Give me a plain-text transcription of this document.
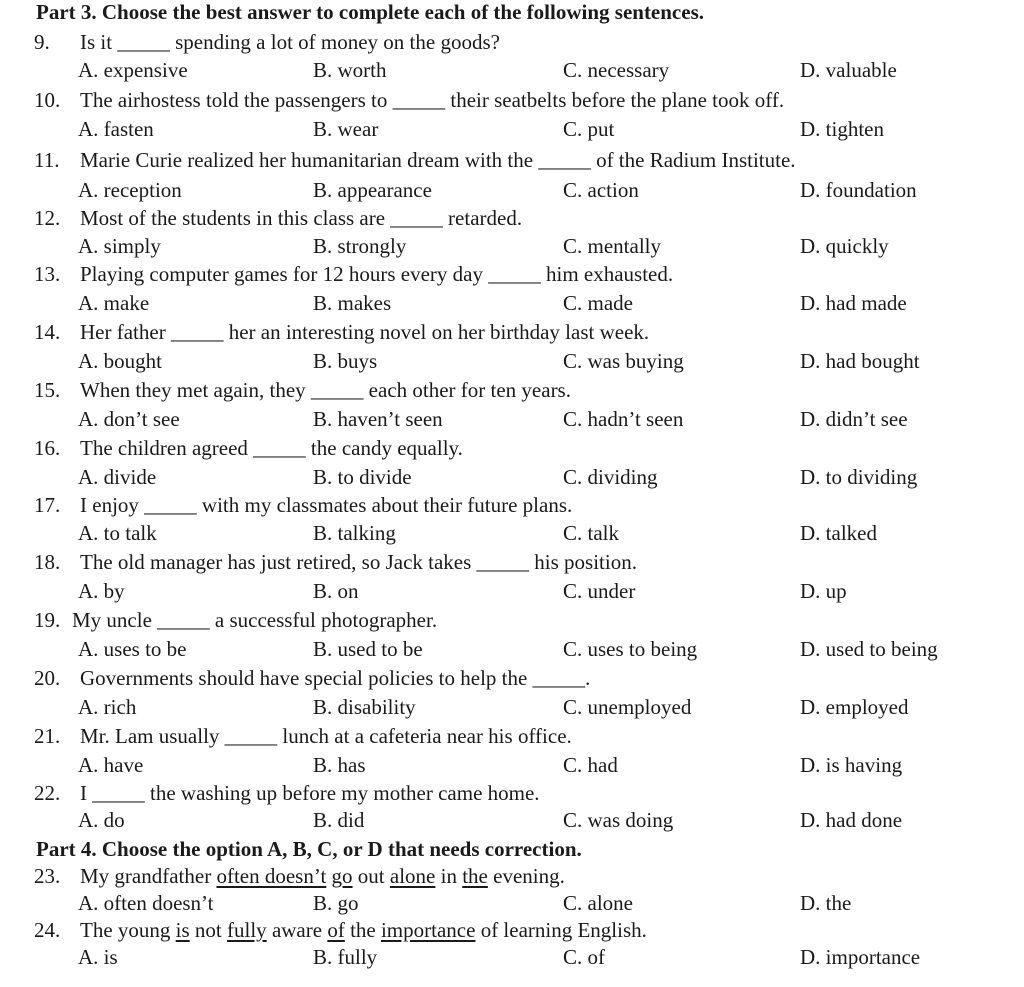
Part 3. Choose the best answer to complete each of the following sentences.
9. Is it _____ spending a lot of money on the goods?
A. expensive	B. worth	C. necessary	D. valuable
10. The airhostess told the passengers to _____ their seatbelts before the plane took off.
A. fasten	B. wear	C. put	D. tighten
11. Marie Curie realized her humanitarian dream with the _____ of the Radium Institute.
A. reception	B. appearance	C. action	D. foundation
12. Most of the students in this class are _____ retarded.
A. simply	B. strongly	C. mentally	D. quickly
13. Playing computer games for 12 hours every day _____ him exhausted.
A. make	B. makes	C. made	D. had made
14. Her father _____ her an interesting novel on her birthday last week.
A. bought	B. buys	C. was buying	D. had bought
15. When they met again, they _____ each other for ten years.
A. don’t see	B. haven’t seen	C. hadn’t seen	D. didn’t see
16. The children agreed _____ the candy equally.
A. divide	B. to divide	C. dividing	D. to dividing
17. I enjoy _____ with my classmates about their future plans.
A. to talk	B. talking	C. talk	D. talked
18. The old manager has just retired, so Jack takes _____ his position.
A. by	B. on	C. under	D. up
19. My uncle _____ a successful photographer.
A. uses to be	B. used to be	C. uses to being	D. used to being
20. Governments should have special policies to help the _____.
A. rich	B. disability	C. unemployed	D. employed
21. Mr. Lam usually _____ lunch at a cafeteria near his office.
A. have	B. has	C. had	D. is having
22. I _____ the washing up before my mother came home.
A. do	B. did	C. was doing	D. had done
Part 4. Choose the option A, B, C, or D that needs correction.
23. My grandfather often doesn’t go out alone in the evening.
A. often doesn’t	B. go	C. alone	D. the
24. The young is not fully aware of the importance of learning English.
A. is	B. fully	C. of	D. importance
